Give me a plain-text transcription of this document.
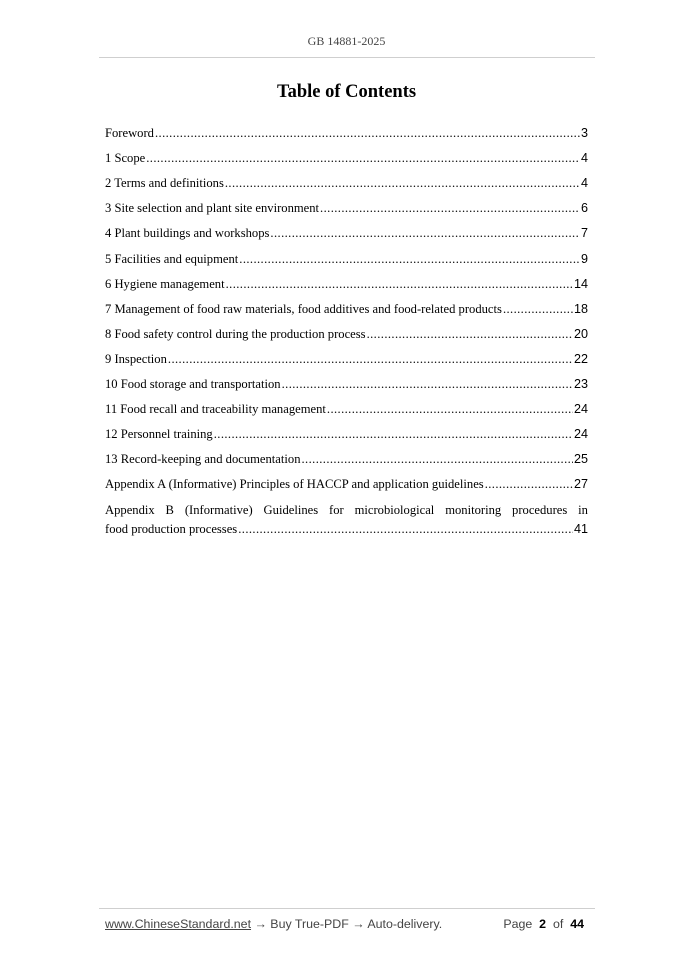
GB 14881-2025
Table of Contents
Foreword .....	3
1 Scope .....	4
2 Terms and definitions .....	4
3 Site selection and plant site environment .....	6
4 Plant buildings and workshops .....	7
5 Facilities and equipment .....	9
6 Hygiene management .....	14
7 Management of food raw materials, food additives and food-related products .....	18
8 Food safety control during the production process .....	20
9 Inspection .....	22
10 Food storage and transportation .....	23
11 Food recall and traceability management .....	24
12 Personnel training .....	24
13 Record-keeping and documentation .....	25
Appendix A (Informative) Principles of HACCP and application guidelines .....	27
Appendix B (Informative) Guidelines for microbiological monitoring procedures in
food production processes .....	41
www.ChineseStandard.net → Buy True-PDF → Auto-delivery.	Page 2 of 44
